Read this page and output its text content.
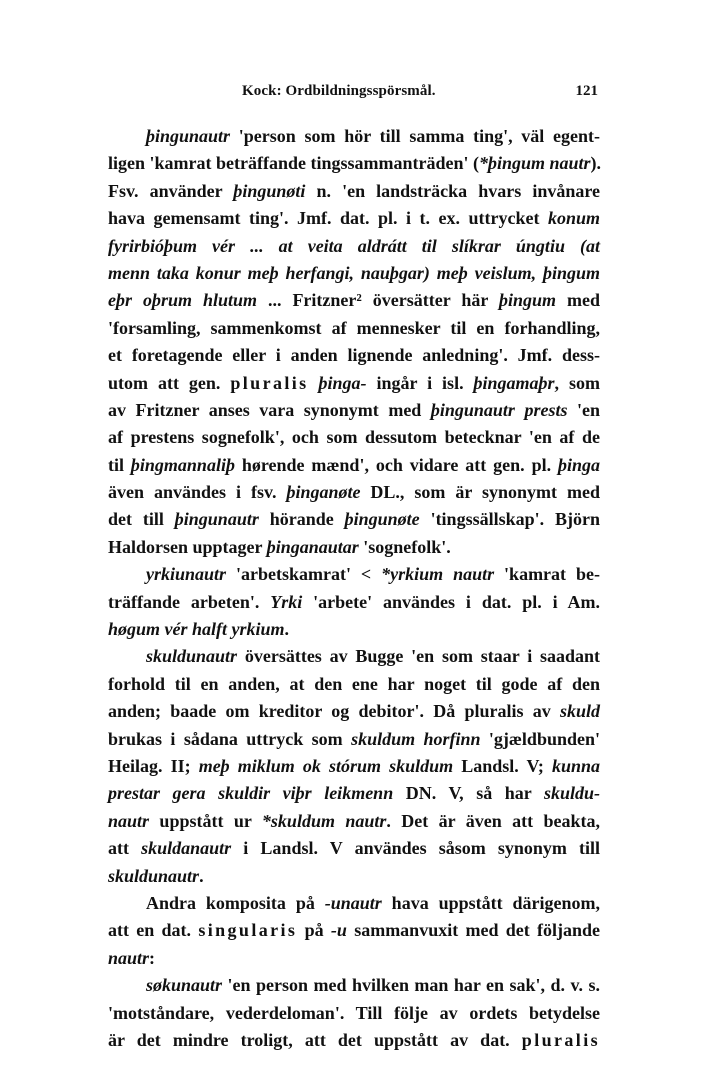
Kock: Ordbildningsspörsmål.	121
þingunautr 'person som hör till samma ting', väl egent-
ligen 'kamrat beträffande tingssammanträden' (*þingum nautr).
Fsv. använder þingunøti n. 'en landsträcka hvars invånare
hava gemensamt ting'. Jmf. dat. pl. i t. ex. uttrycket konum
fyrirbióþum vér ... at veita aldrátt til slíkrar úngtiu (at
menn taka konur meþ herfangi, nauþgar) meþ veislum, þingum
eþr oþrum hlutum ... Fritzner² översätter här þingum med
'forsamling, sammenkomst af mennesker til en forhandling,
et foretagende eller i anden lignende anledning'. Jmf. dess-
utom att gen. pluralis þinga- ingår i isl. þingamaþr, som
av Fritzner anses vara synonymt med þingunautr prests 'en
af prestens sognefolk', och som dessutom betecknar 'en af de
til þingmannaliþ hørende mænd', och vidare att gen. pl. þinga
även användes i fsv. þinganøte DL., som är synonymt med
det till þingunautr hörande þingunøte 'tingssällskap'. Björn
Haldorsen upptager þinganautar 'sognefolk'.
yrkiunautr 'arbetskamrat' < *yrkium nautr 'kamrat be-
träffande arbeten'. Yrki 'arbete' användes i dat. pl. i Am.
høgum vér halft yrkium.
skuldunautr översättes av Bugge 'en som staar i saadant
forhold til en anden, at den ene har noget til gode af den
anden; baade om kreditor og debitor'. Då pluralis av skuld
brukas i sådana uttryck som skuldum horfinn 'gjældbunden'
Heilag. II; meþ miklum ok stórum skuldum Landsl. V; kunna
prestar gera skuldir viþr leikmenn DN. V, så har skuldu-
nautr uppstått ur *skuldum nautr. Det är även att beakta,
att skuldanautr i Landsl. V användes såsom synonym till
skuldunautr.
Andra komposita på -unautr hava uppstått därigenom,
att en dat. singularis på -u sammanvuxit med det följande
nautr:
søkunautr 'en person med hvilken man har en sak', d. v. s.
'motståndare, vederdeloman'. Till följe av ordets betydelse
är det mindre troligt, att det uppstått av dat. pluralis
